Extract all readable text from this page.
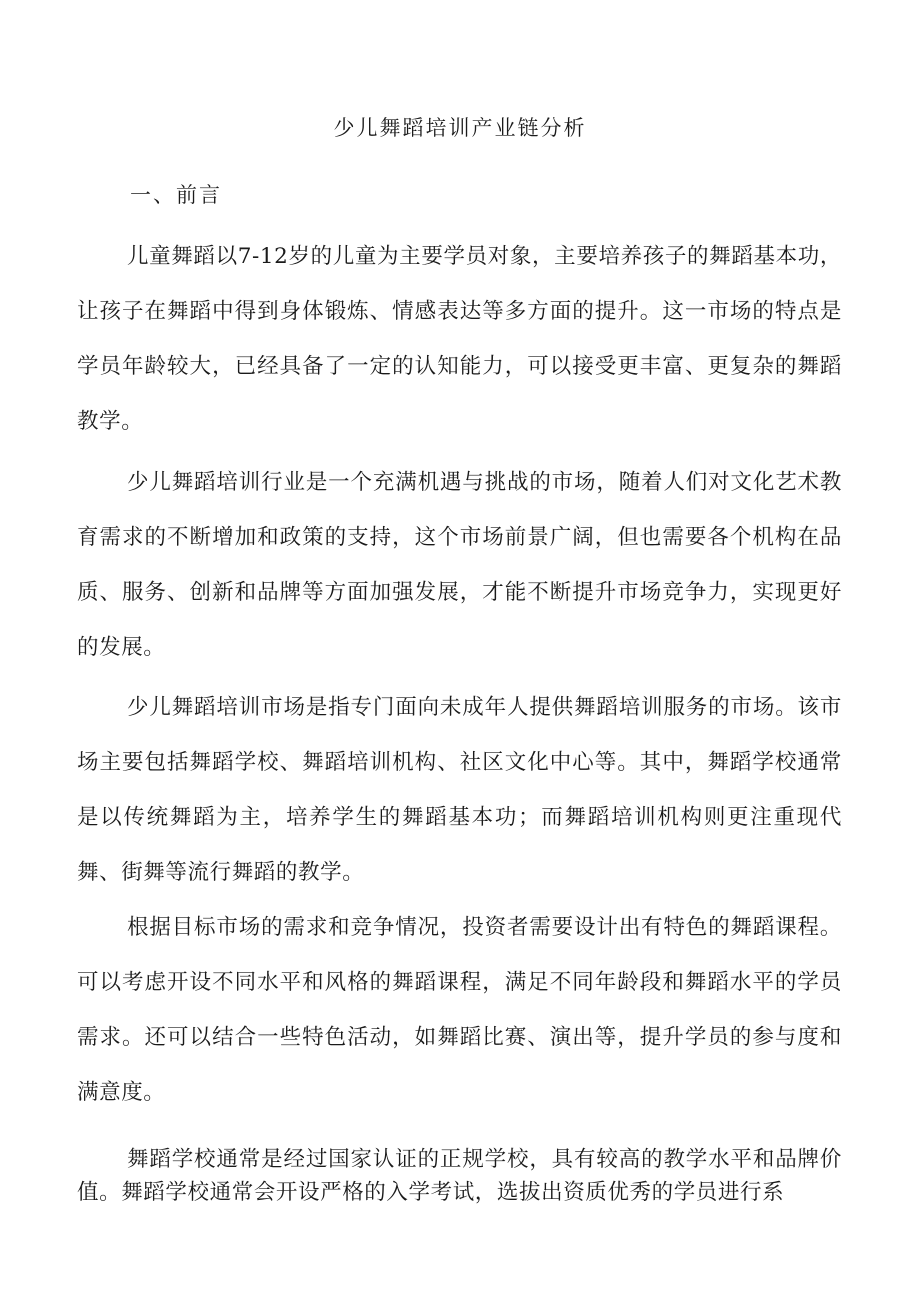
少儿舞蹈培训产业链分析
一、前言

儿童舞蹈以7-12岁的儿童为主要学员对象，主要培养孩子的舞蹈基本功，让孩子在舞蹈中得到身体锻炼、情感表达等多方面的提升。这一市场的特点是学员年龄较大，已经具备了一定的认知能力，可以接受更丰富、更复杂的舞蹈教学。

少儿舞蹈培训行业是一个充满机遇与挑战的市场，随着人们对文化艺术教育需求的不断增加和政策的支持，这个市场前景广阔，但也需要各个机构在品质、服务、创新和品牌等方面加强发展，才能不断提升市场竞争力，实现更好的发展。

少儿舞蹈培训市场是指专门面向未成年人提供舞蹈培训服务的市场。该市场主要包括舞蹈学校、舞蹈培训机构、社区文化中心等。其中，舞蹈学校通常是以传统舞蹈为主，培养学生的舞蹈基本功；而舞蹈培训机构则更注重现代舞、街舞等流行舞蹈的教学。

根据目标市场的需求和竞争情况，投资者需要设计出有特色的舞蹈课程。可以考虑开设不同水平和风格的舞蹈课程，满足不同年龄段和舞蹈水平的学员需求。还可以结合一些特色活动，如舞蹈比赛、演出等，提升学员的参与度和满意度。

舞蹈学校通常是经过国家认证的正规学校，具有较高的教学水平和品牌价值。舞蹈学校通常会开设严格的入学考试，选拔出资质优秀的学员进行系
